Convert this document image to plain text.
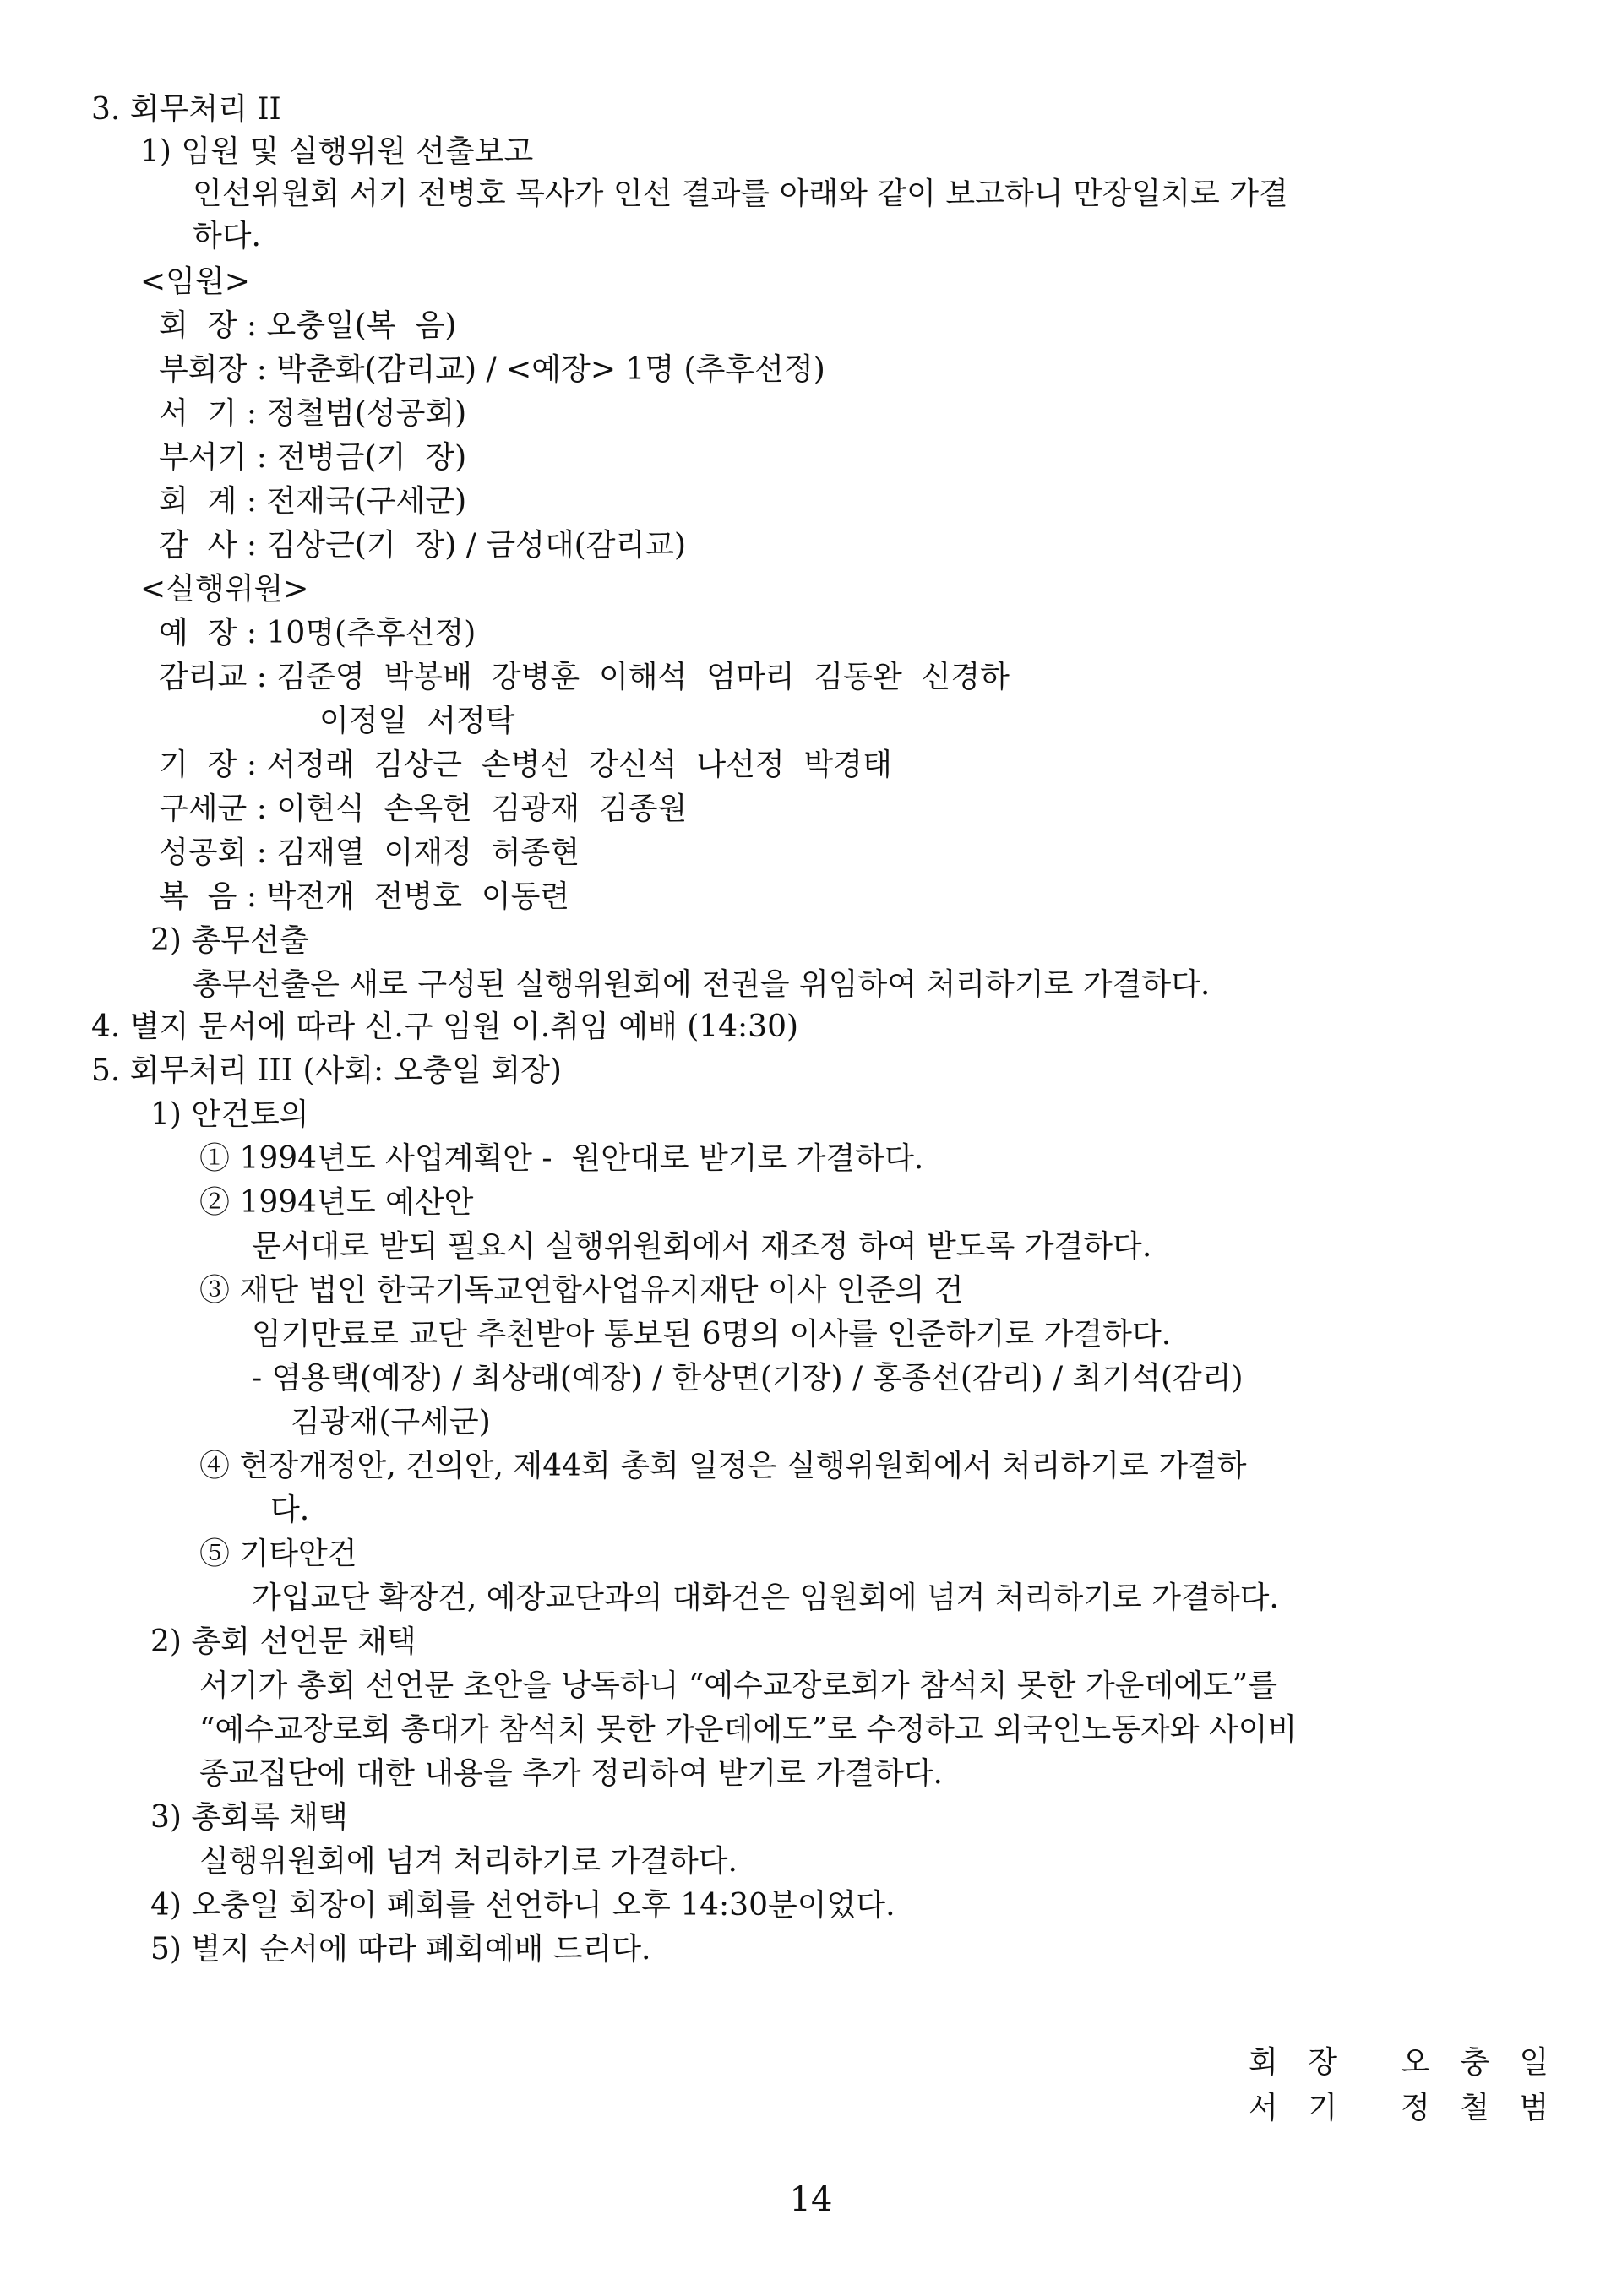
3. 회무처리 II
1) 임원 및 실행위원 선출보고
인선위원회 서기 전병호 목사가 인선 결과를 아래와 같이 보고하니 만장일치로 가결
하다.
<임원>
회  장 : 오충일(복  음)
부회장 : 박춘화(감리교) / <예장> 1명 (추후선정)
서  기 : 정철범(성공회)
부서기 : 전병금(기  장)
회  계 : 전재국(구세군)
감  사 : 김상근(기  장) / 금성대(감리교)
<실행위원>
예  장 : 10명(추후선정)
감리교 : 김준영  박봉배  강병훈  이해석  엄마리  김동완  신경하
이정일  서정탁
기  장 : 서정래  김상근  손병선  강신석  나선정  박경태
구세군 : 이현식  손옥헌  김광재  김종원
성공회 : 김재열  이재정  허종현
복  음 : 박전개  전병호  이동련
2) 총무선출
총무선출은 새로 구성된 실행위원회에 전권을 위임하여 처리하기로 가결하다.
4. 별지 문서에 따라 신.구 임원 이.취임 예배 (14:30)
5. 회무처리 III (사회: 오충일 회장)
1) 안건토의
① 1994년도 사업계획안 -  원안대로 받기로 가결하다.
② 1994년도 예산안
문서대로 받되 필요시 실행위원회에서 재조정 하여 받도록 가결하다.
③ 재단 법인 한국기독교연합사업유지재단 이사 인준의 건
임기만료로 교단 추천받아 통보된 6명의 이사를 인준하기로 가결하다.
- 염용택(예장) / 최상래(예장) / 한상면(기장) / 홍종선(감리) / 최기석(감리)
김광재(구세군)
④ 헌장개정안, 건의안, 제44회 총회 일정은 실행위원회에서 처리하기로 가결하
다.
⑤ 기타안건
가입교단 확장건, 예장교단과의 대화건은 임원회에 넘겨 처리하기로 가결하다.
2) 총회 선언문 채택
서기가 총회 선언문 초안을 낭독하니 “예수교장로회가 참석치 못한 가운데에도”를
“예수교장로회 총대가 참석치 못한 가운데에도”로 수정하고 외국인노동자와 사이비
종교집단에 대한 내용을 추가 정리하여 받기로 가결하다.
3) 총회록 채택
실행위원회에 넘겨 처리하기로 가결하다.
4) 오충일 회장이 폐회를 선언하니 오후 14:30분이었다.
5) 별지 순서에 따라 폐회예배 드리다.
회 장 오 충 일
서 기 정 철 범
14
